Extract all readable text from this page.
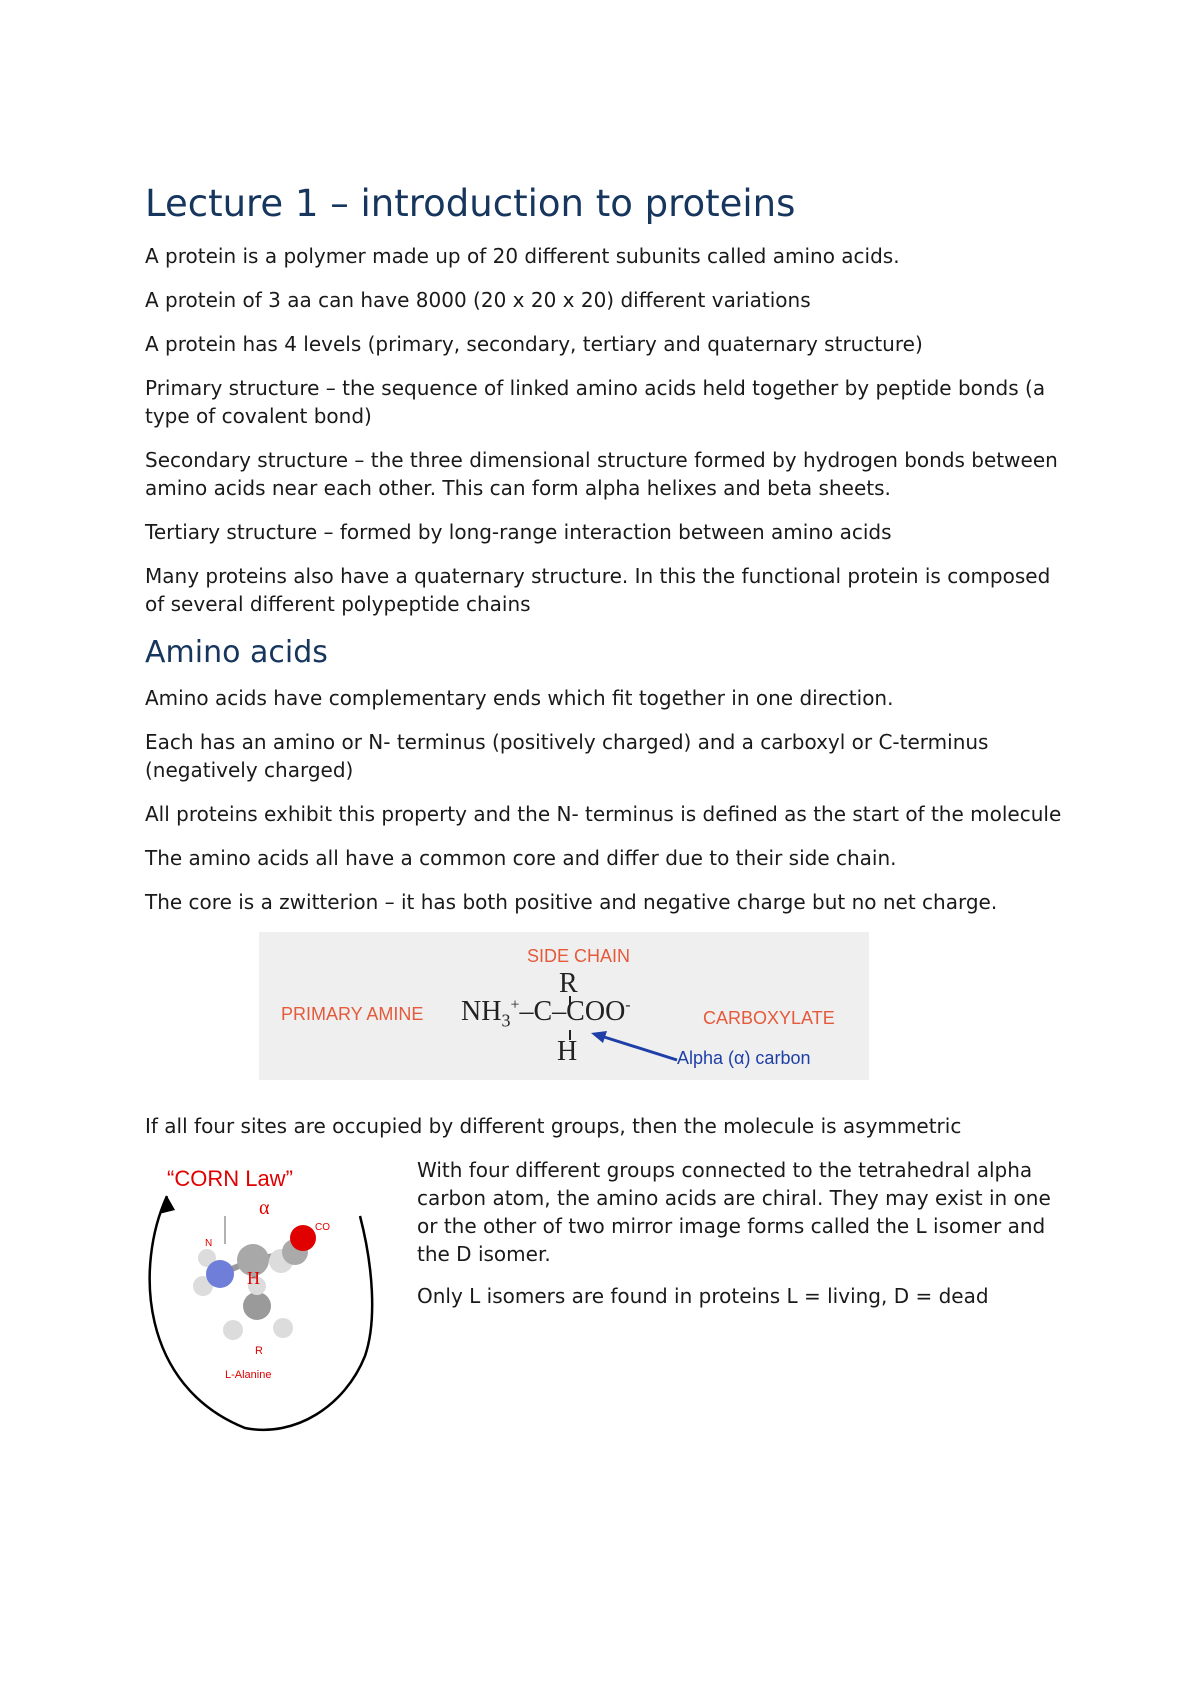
Lecture 1 – introduction to proteins

A protein is a polymer made up of 20 different subunits called amino acids.

A protein of 3 aa can have 8000 (20 x 20 x 20) different variations

A protein has 4 levels (primary, secondary, tertiary and quaternary structure)

Primary structure – the sequence of linked amino acids held together by peptide bonds (a type of covalent bond)

Secondary structure – the three dimensional structure formed by hydrogen bonds between amino acids near each other. This can form alpha helixes and beta sheets.

Tertiary structure – formed by long-range interaction between amino acids

Many proteins also have a quaternary structure. In this the functional protein is composed of several different polypeptide chains

Amino acids

Amino acids have complementary ends which fit together in one direction.

Each has an amino or N- terminus (positively charged) and a carboxyl or C-terminus (negatively charged)

All proteins exhibit this property and the N- terminus is defined as the start of the molecule

The amino acids all have a common core and differ due to their side chain.

The core is a zwitterion – it has both positive and negative charge but no net charge.

SIDE CHAIN
R
PRIMARY AMINE $NH_3^+-C-COO^-$
CARBOXYLATE
H	Alpha (α) carbon

If all four sites are occupied by different groups, then the molecule is asymmetric

“CORN Law”
α
N
CO
H
R
L-Alanine

With four different groups connected to the tetrahedral alpha carbon atom, the amino acids are chiral. They may exist in one or the other of two mirror image forms called the L isomer and the D isomer.

Only L isomers are found in proteins L = living, D = dead
